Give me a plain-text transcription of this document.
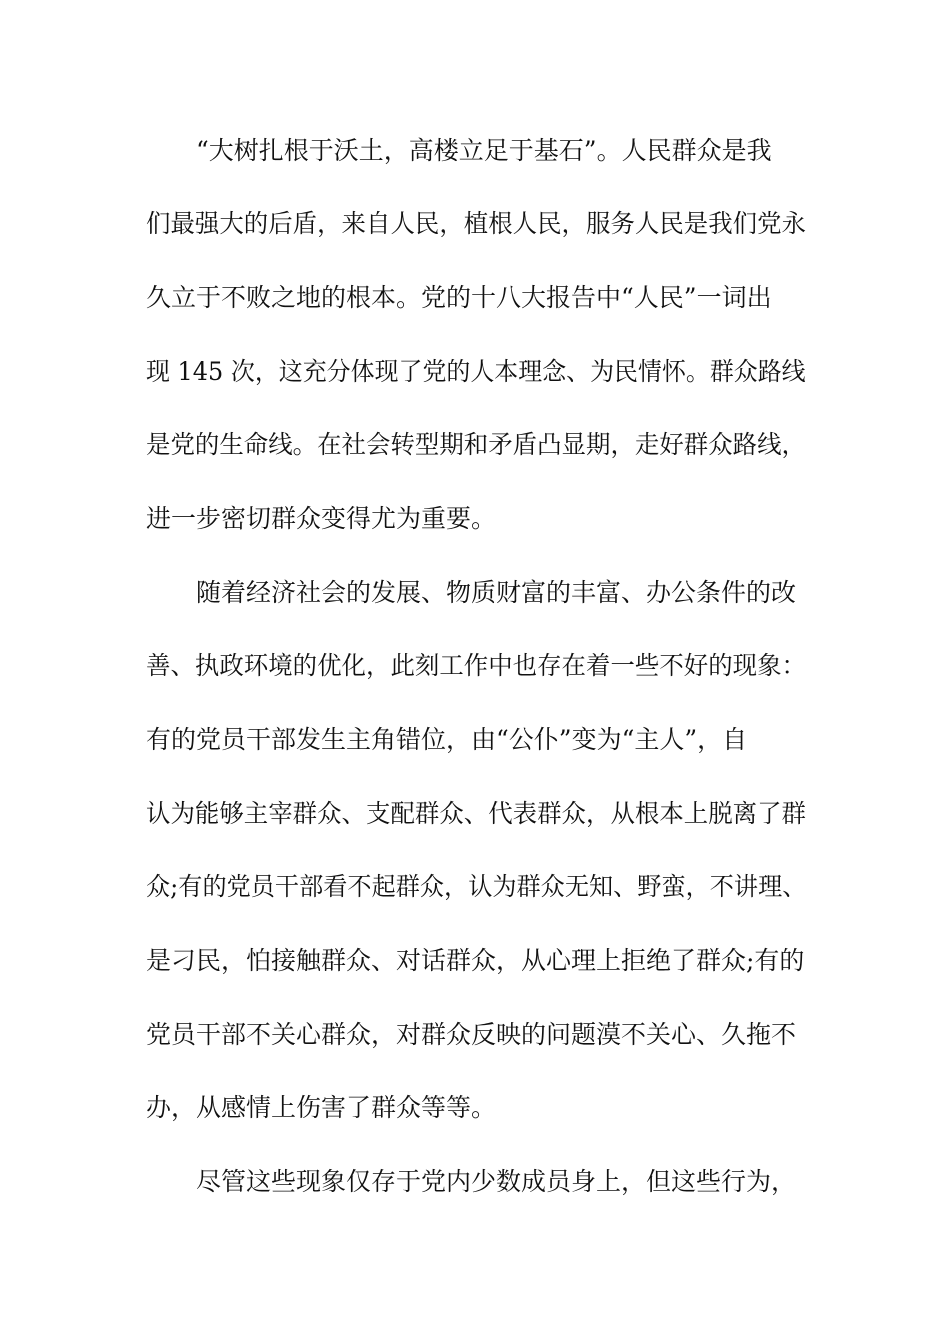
“大树扎根于沃土，高楼立足于基石”。人民群众是我
们最强大的后盾，来自人民，植根人民，服务人民是我们党永
久立于不败之地的根本。党的十八大报告中“人民”一词出
现 145 次，这充分体现了党的人本理念、为民情怀。群众路线
是党的生命线。在社会转型期和矛盾凸显期，走好群众路线，
进一步密切群众变得尤为重要。
随着经济社会的发展、物质财富的丰富、办公条件的改
善、执政环境的优化，此刻工作中也存在着一些不好的现象：
有的党员干部发生主角错位，由“公仆”变为“主人”，自
认为能够主宰群众、支配群众、代表群众，从根本上脱离了群
众;有的党员干部看不起群众，认为群众无知、野蛮，不讲理、
是刁民，怕接触群众、对话群众，从心理上拒绝了群众;有的
党员干部不关心群众，对群众反映的问题漠不关心、久拖不
办，从感情上伤害了群众等等。
尽管这些现象仅存于党内少数成员身上，但这些行为，
